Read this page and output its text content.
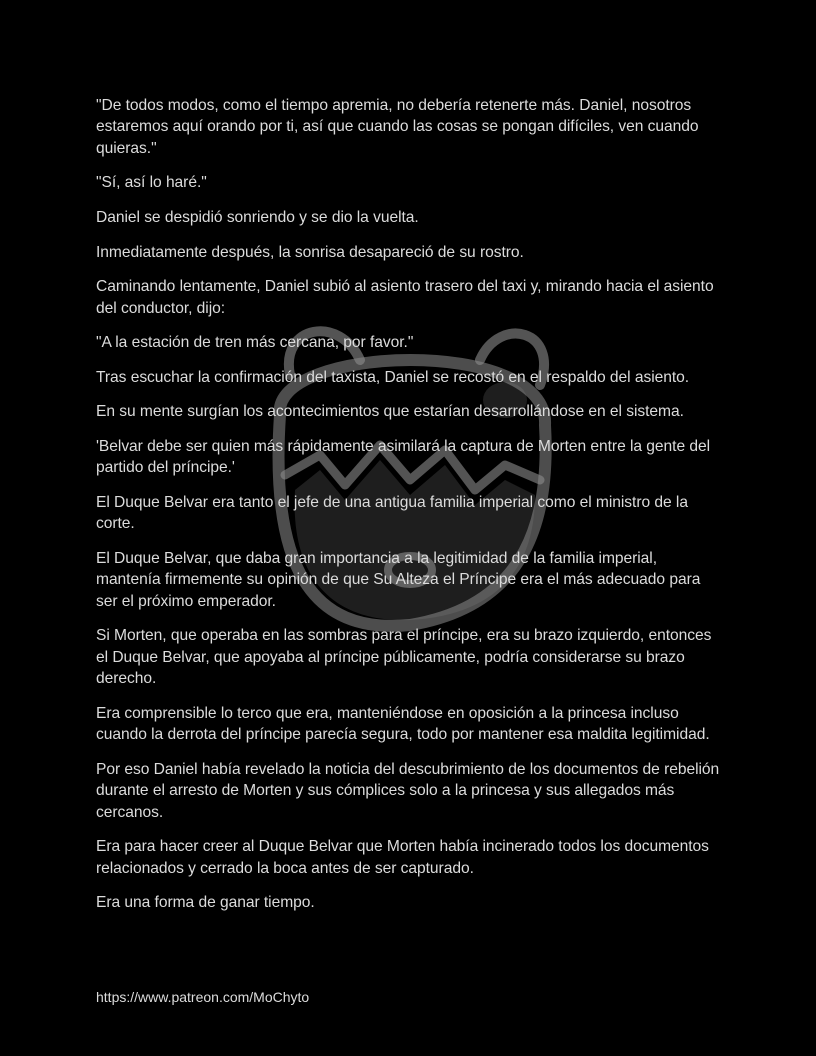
"De todos modos, como el tiempo apremia, no debería retenerte más. Daniel, nosotros estaremos aquí orando por ti, así que cuando las cosas se pongan difíciles, ven cuando quieras."

"Sí, así lo haré."

Daniel se despidió sonriendo y se dio la vuelta.

Inmediatamente después, la sonrisa desapareció de su rostro.

Caminando lentamente, Daniel subió al asiento trasero del taxi y, mirando hacia el asiento del conductor, dijo:

"A la estación de tren más cercana, por favor."

Tras escuchar la confirmación del taxista, Daniel se recostó en el respaldo del asiento.

En su mente surgían los acontecimientos que estarían desarrollándose en el sistema.

'Belvar debe ser quien más rápidamente asimilará la captura de Morten entre la gente del partido del príncipe.'

El Duque Belvar era tanto el jefe de una antigua familia imperial como el ministro de la corte.

El Duque Belvar, que daba gran importancia a la legitimidad de la familia imperial, mantenía firmemente su opinión de que Su Alteza el Príncipe era el más adecuado para ser el próximo emperador.

Si Morten, que operaba en las sombras para el príncipe, era su brazo izquierdo, entonces el Duque Belvar, que apoyaba al príncipe públicamente, podría considerarse su brazo derecho.

Era comprensible lo terco que era, manteniéndose en oposición a la princesa incluso cuando la derrota del príncipe parecía segura, todo por mantener esa maldita legitimidad.

Por eso Daniel había revelado la noticia del descubrimiento de los documentos de rebelión durante el arresto de Morten y sus cómplices solo a la princesa y sus allegados más cercanos.

Era para hacer creer al Duque Belvar que Morten había incinerado todos los documentos relacionados y cerrado la boca antes de ser capturado.

Era una forma de ganar tiempo.

https://www.patreon.com/MoChyto
